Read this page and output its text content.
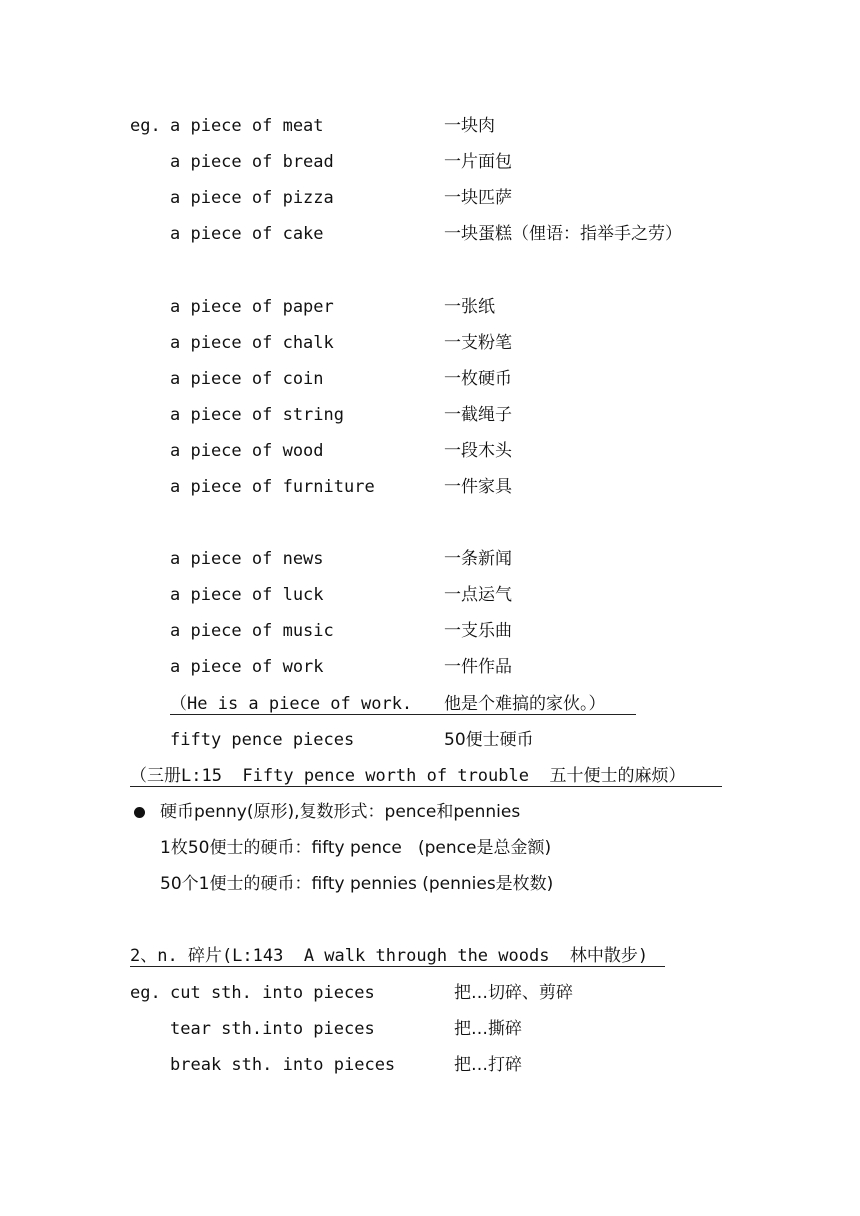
eg. a piece of meat	一块肉
a piece of bread	一片面包
a piece of pizza	一块匹萨
a piece of cake	一块蛋糕（俚语：指举手之劳）
a piece of paper	一张纸
a piece of chalk	一支粉笔
a piece of coin	一枚硬币
a piece of string	一截绳子
a piece of wood	一段木头
a piece of furniture	一件家具
a piece of news	一条新闻
a piece of luck	一点运气
a piece of music	一支乐曲
a piece of work	一件作品
（He is a piece of work. 他是个难搞的家伙。）
fifty pence pieces	50便士硬币
（三册L:15  Fifty pence worth of trouble  五十便士的麻烦）
硬币penny(原形),复数形式：pence和pennies
1枚50便士的硬币：fifty pence   (pence是总金额)
50个1便士的硬币：fifty pennies (pennies是枚数)
2、n. 碎片(L:143  A walk through the woods  林中散步)
eg. cut sth. into pieces	把…切碎、剪碎
tear sth.into pieces	把…撕碎
break sth. into pieces	把…打碎
